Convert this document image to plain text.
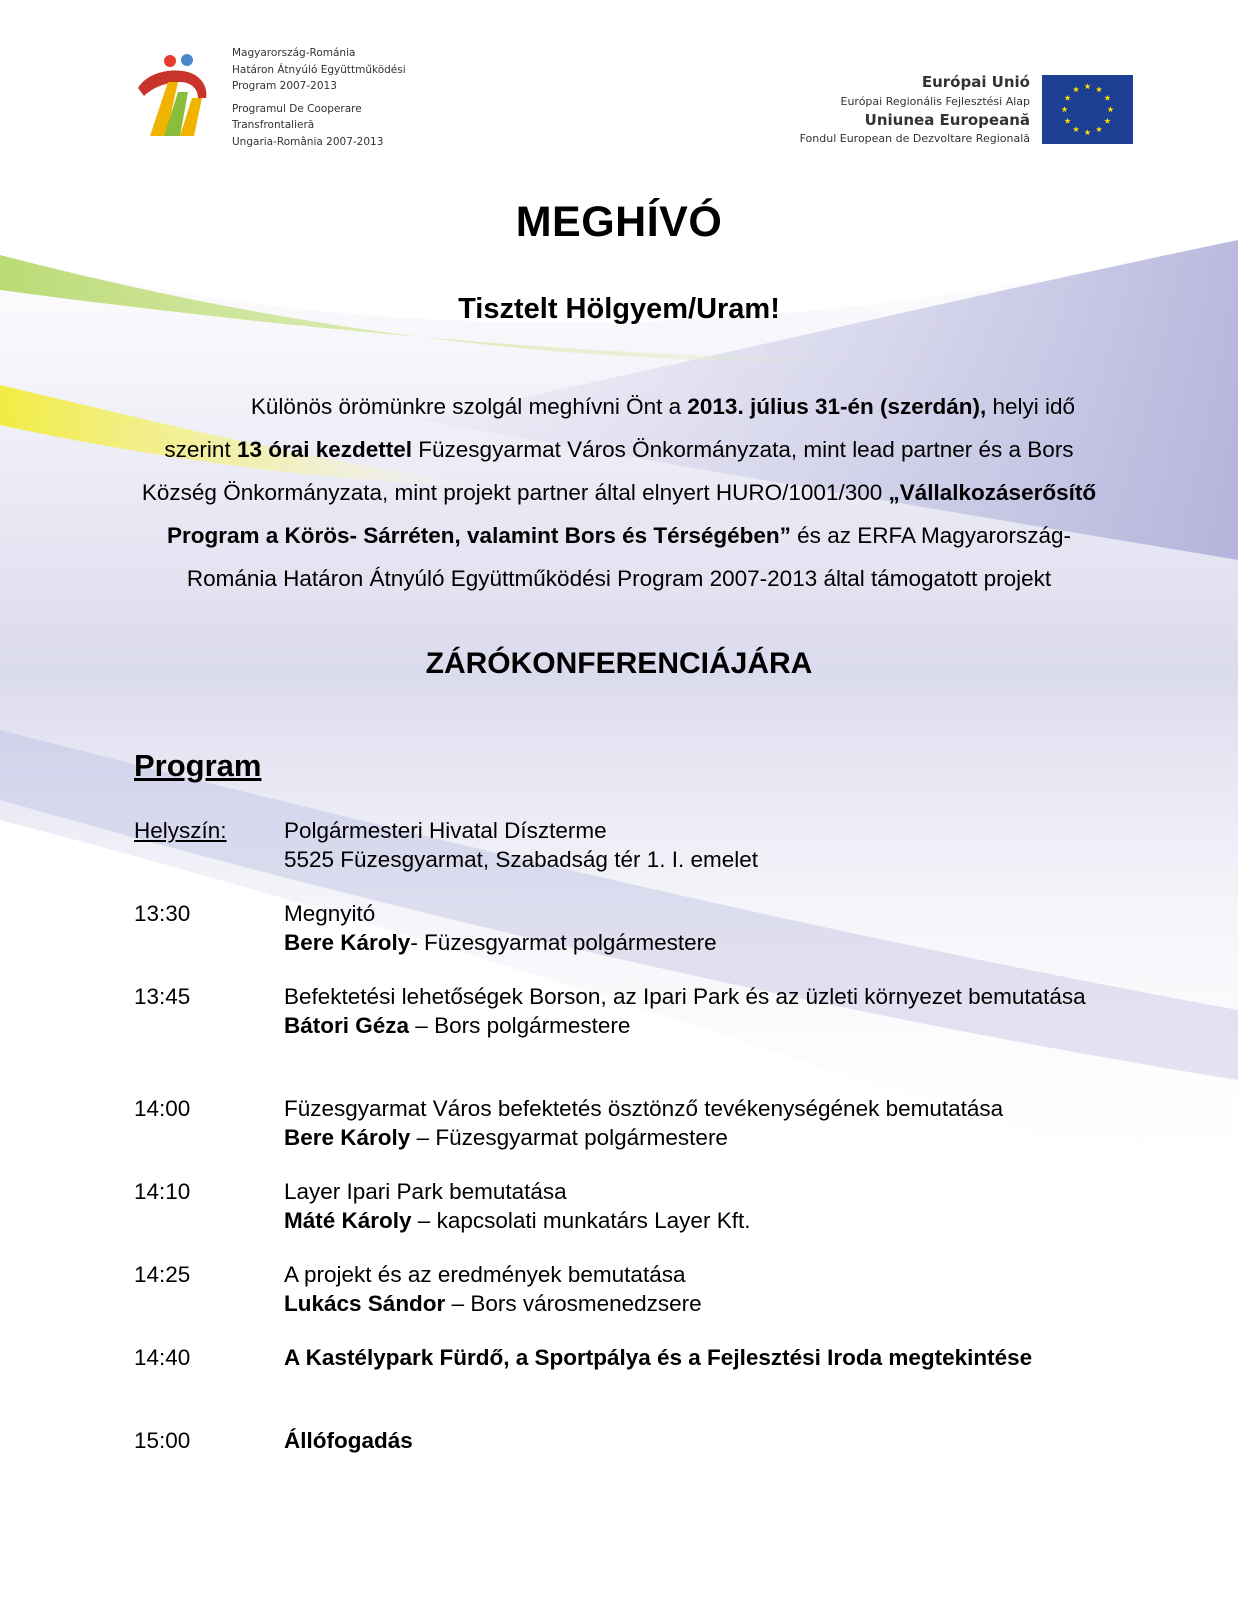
Magyarország-Románia
Határon Átnyúló Együttműködési
Program 2007-2013
Programul De Cooperare
Transfrontalieră
Ungaria-România 2007-2013
Európai Unió
Európai Regionális Fejlesztési Alap
Uniunea Europeană
Fondul European de Dezvoltare Regională
MEGHÍVÓ
Tisztelt Hölgyem/Uram!
Különös örömünkre szolgál meghívni Önt a 2013. július 31-én (szerdán), helyi idő szerint 13 órai kezdettel Füzesgyarmat Város Önkormányzata, mint lead partner és a Bors Község Önkormányzata, mint projekt partner által elnyert HURO/1001/300 „Vállalkozáserősítő Program a Körös- Sárréten, valamint Bors és Térségében” és az ERFA Magyarország-Románia Határon Átnyúló Együttműködési Program 2007-2013 által támogatott projekt
ZÁRÓKONFERENCIÁJÁRA
Program
Helyszín:	Polgármesteri Hivatal Díszterme
5525 Füzesgyarmat, Szabadság tér 1. I. emelet
13:30	Megnyitó
Bere Károly- Füzesgyarmat polgármestere
13:45	Befektetési lehetőségek Borson, az Ipari Park és az üzleti környezet bemutatása
Bátori Géza – Bors polgármestere
14:00	Füzesgyarmat Város befektetés ösztönző tevékenységének bemutatása
Bere Károly – Füzesgyarmat polgármestere
14:10	Layer Ipari Park bemutatása
Máté Károly – kapcsolati munkatárs Layer Kft.
14:25	A projekt és az eredmények bemutatása
Lukács Sándor – Bors városmenedzsere
14:40	A Kastélypark Fürdő, a Sportpálya és a Fejlesztési Iroda megtekintése
15:00	Állófogadás
